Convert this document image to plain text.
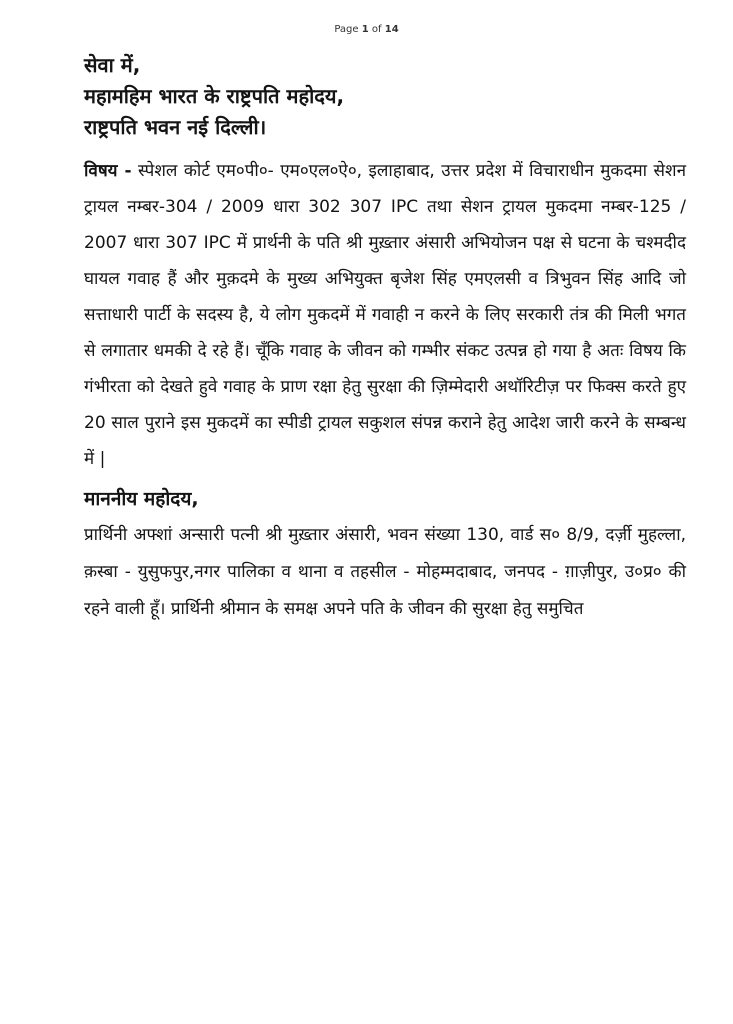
Page 1 of 14
सेवा में,
महामहिम भारत के राष्ट्रपति महोदय,
राष्ट्रपति भवन नई दिल्ली।

विषय - स्पेशल कोर्ट एम०पी०- एम०एल०ऐ०, इलाहाबाद, उत्तर प्रदेश में विचाराधीन मुकदमा सेशन ट्रायल नम्बर-304 / 2009 धारा 302 307 IPC तथा सेशन ट्रायल मुकदमा नम्बर-125 / 2007 धारा 307 IPC में प्रार्थनी के पति श्री मुख़्तार अंसारी अभियोजन पक्ष से घटना के चश्मदीद घायल गवाह हैं और मुक़दमे के मुख्य अभियुक्त बृजेश सिंह एमएलसी व त्रिभुवन सिंह आदि जो सत्ताधारी पार्टी के सदस्य है, ये लोग मुकदमें में गवाही न करने के लिए सरकारी तंत्र की मिली भगत से लगातार धमकी दे रहे हैं। चूँकि गवाह के जीवन को गम्भीर संकट उत्पन्न हो गया है अतः विषय कि गंभीरता को देखते हुवे गवाह के प्राण रक्षा हेतु सुरक्षा की ज़िम्मेदारी अथॉरिटीज़ पर फिक्स करते हुए 20 साल पुराने इस मुकदमें का स्पीडी ट्रायल सकुशल संपन्न कराने हेतु आदेश जारी करने के सम्बन्ध में |

माननीय महोदय,

प्रार्थिनी अफ्शां अन्सारी पत्नी श्री मुख़्तार अंसारी, भवन संख्या 130, वार्ड स० 8/9, दर्ज़ी मुहल्ला, क़स्बा - युसुफपुर,नगर पालिका व थाना व तहसील - मोहम्मदाबाद, जनपद - ग़ाज़ीपुर, उ०प्र० की रहने वाली हूँ। प्रार्थिनी श्रीमान के समक्ष अपने पति के जीवन की सुरक्षा हेतु समुचित
